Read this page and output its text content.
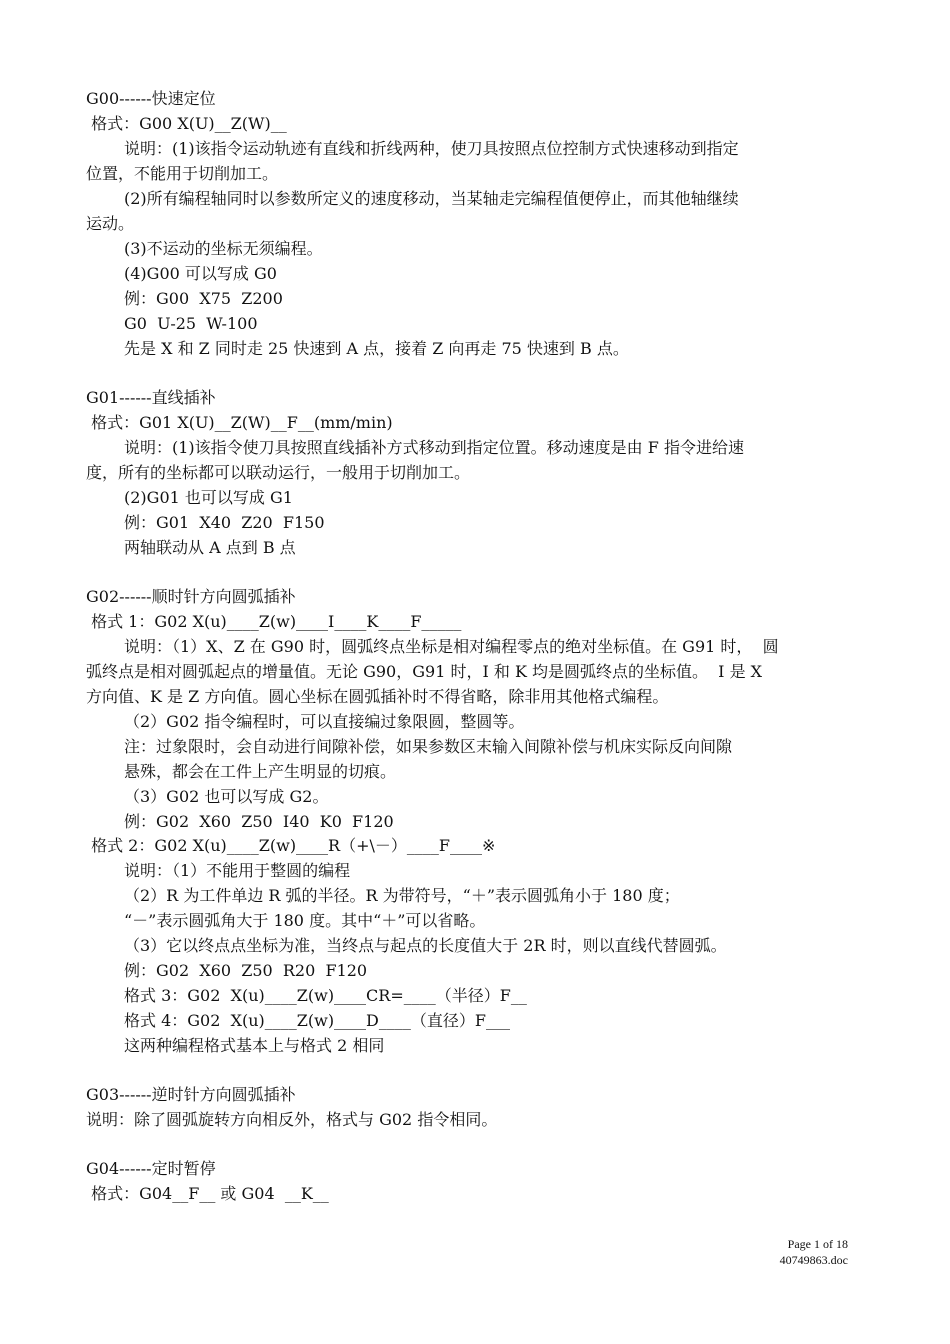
G00------快速定位
格式：G00 X(U)__Z(W)__
说明：(1)该指令运动轨迹有直线和折线两种，使刀具按照点位控制方式快速移动到指定
位置，不能用于切削加工。
(2)所有编程轴同时以参数所定义的速度移动，当某轴走完编程值便停止，而其他轴继续
运动。
(3)不运动的坐标无须编程。
(4)G00 可以写成 G0
例：G00  X75  Z200
G0  U-25  W-100
先是 X 和 Z 同时走 25 快速到 A 点，接着 Z 向再走 75 快速到 B 点。
G01------直线插补
格式：G01 X(U)__Z(W)__F__(mm/min)
说明：(1)该指令使刀具按照直线插补方式移动到指定位置。移动速度是由 F 指令进给速
度，所有的坐标都可以联动运行，一般用于切削加工。
(2)G01 也可以写成 G1
例：G01  X40  Z20  F150
两轴联动从 A 点到 B 点
G02------顺时针方向圆弧插补
格式 1：G02 X(u)____Z(w)____I____K____F_____
说明：（1）X、Z 在 G90 时，圆弧终点坐标是相对编程零点的绝对坐标值。在 G91 时，  圆
弧终点是相对圆弧起点的增量值。无论 G90，G91 时，I 和 K 均是圆弧终点的坐标值。  I 是 X
方向值、K 是 Z 方向值。圆心坐标在圆弧插补时不得省略，除非用其他格式编程。
（2）G02 指令编程时，可以直接编过象限圆，整圆等。
注：过象限时，会自动进行间隙补偿，如果参数区末输入间隙补偿与机床实际反向间隙
悬殊，都会在工件上产生明显的切痕。
（3）G02 也可以写成 G2。
例：G02  X60  Z50  I40  K0  F120
格式 2：G02 X(u)____Z(w)____R（+\－）____F____※
说明：（1）不能用于整圆的编程
（2）R 为工件单边 R 弧的半径。R 为带符号，“＋”表示圆弧角小于 180 度；
“－”表示圆弧角大于 180 度。其中“＋”可以省略。
（3）它以终点点坐标为准，当终点与起点的长度值大于 2R 时，则以直线代替圆弧。
例：G02  X60  Z50  R20  F120
格式 3：G02  X(u)____Z(w)____CR=____（半径）F__
格式 4：G02  X(u)____Z(w)____D____（直径）F___
这两种编程格式基本上与格式 2 相同
G03------逆时针方向圆弧插补
说明：除了圆弧旋转方向相反外，格式与 G02 指令相同。
G04------定时暂停
格式：G04__F__ 或 G04  __K__
Page 1 of 18
40749863.doc
